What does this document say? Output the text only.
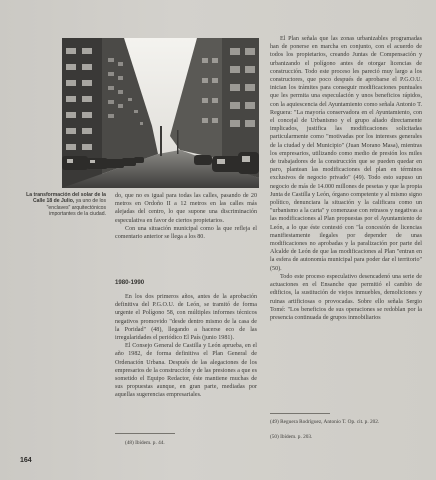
La transformación del solar de la Calle 18 de Julio, ya uno de los "enclaves" arquitectónicos importantes de la ciudad.

do, que no es igual para todas las calles, pasando de 20 metros en Ordoño II a 12 metros en las calles más alejadas del centro, lo que supone una discriminación especulativa en favor de ciertos propietarios.

Con una situación municipal como la que refleja el comentario anterior se llega a los 80.

1980-1990

En los dos primeros años, antes de la aprobación definitiva del P.G.O.U. de León, se tramitó de forma urgente el Polígono 58, con múltiples informes técnicos negativos promovido "desde dentro mismo de la casa de la Poridad" (48), llegando a hacerse eco de las irregularidades el periódico El País (junio 1981).

El Consejo General de Castilla y León aprueba, en el año 1982, de forma definitiva el Plan General de Ordenación Urbana. Después de las alegaciones de los empresarios de la construcción y de las presiones a que es sometido el Equipo Redactor, éste mantiene muchas de sus propuestas aunque, en gran parte, mediadas por aquellas sugerencias empresariales.

(48) Ibídem. p. 44.

El Plan señala que las zonas urbanizables programadas han de ponerse en marcha en conjunto, con el acuerdo de todos los propietarios, creando Juntas de Compensación y urbanizando el polígono antes de otorgar licencias de construcción. Todo este proceso les pareció muy largo a los constructores, que poco después de aprobarse el P.G.O.U. inician los trámites para conseguir modificaciones puntuales que les permita una especulación y unos beneficios rápidos, con la aquiescencia del Ayuntamiento como señala Antonio T. Reguera: "La mayoría conservadora en el Ayuntamiento, con el concejal de Urbanismo y el grupo aliado directamente implicados, justifica las modificaciones solicitadas particularmente como "motivadas por los intereses generales de la ciudad y del Municipio" (Juan Morano Masa), mientras los empresarios, utilizando como medio de presión los miles de trabajadores de la construcción que se pueden quedar en paro, plantean las modificaciones del plan en términos exclusivos de negocio privado" (49). Todo esto supuso un negocio de más de 14.000 millones de pesetas y que la propia Junta de Castilla y León, órgano competente y al mismo signo político, denunciara la situación y la calificara como un "urbanismo a la carta" y comenzase con retrasos y negativas a las modificaciones al Plan propuestas por el Ayuntamiento de León, a lo que éste contestó con "la concesión de licencias manifiestamente ilegales por depender de unas modificaciones no aprobadas y la paralización por parte del Alcalde de León de que las modificaciones al Plan "entran en la esfera de autonomía municipal para poder dar el territorio" (50).

Todo este proceso especulativo desencadenó una serie de actuaciones en el Ensanche que permitió el cambio de edificios, la sustitución de viejos inmuebles, demoliciones y ruinas artificiosas o provocadas. Sobre ello señala Sergio Tomé: "Los beneficios de sus operaciones se redoblan por la presencia continuada de grupos inmobiliarios

(49) Reguera Rodríguez, Antonio T. Op. cit. p. 202.
(50) Ibídem. p. 203.
164
